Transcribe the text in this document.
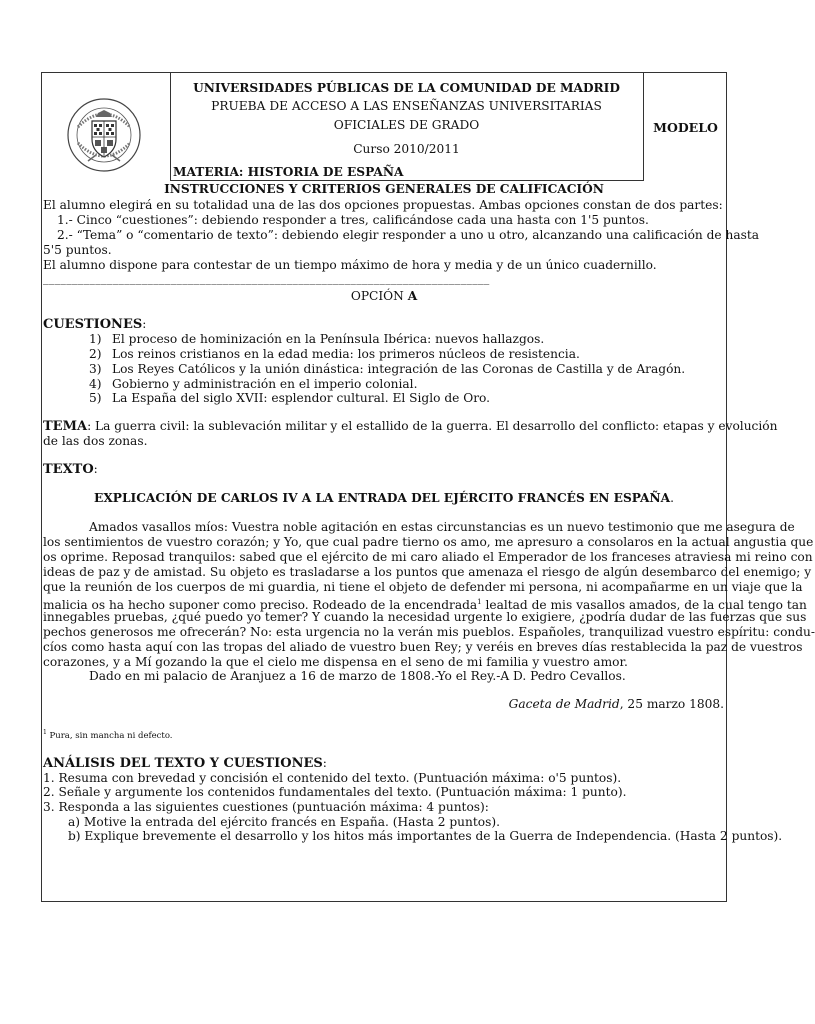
UNIVERSIDADES PÚBLICAS DE LA COMUNIDAD DE MADRID
PRUEBA DE ACCESO A LAS ENSEÑANZAS UNIVERSITARIAS
OFICIALES DE GRADO
Curso 2010/2011
MATERIA: HISTORIA DE ESPAÑA
MODELO
INSTRUCCIONES Y CRITERIOS GENERALES DE CALIFICACIÓN
El alumno elegirá en su totalidad una de las dos opciones propuestas. Ambas opciones constan de dos partes:
1.- Cinco “cuestiones”: debiendo responder a tres, calificándose cada una hasta con 1'5 puntos.
2.- “Tema” o “comentario de texto”: debiendo elegir responder a uno u otro, alcanzando una calificación de hasta
5'5 puntos.
El alumno dispone para contestar de un tiempo máximo de hora y media y de un único cuadernillo.
_____________________________________________________________________________
OPCIÓN A
CUESTIONES:
1) El proceso de hominización en la Península Ibérica: nuevos hallazgos.
2) Los reinos cristianos en la edad media: los primeros núcleos de resistencia.
3) Los Reyes Católicos y la unión dinástica: integración de las Coronas de Castilla y de Aragón.
4) Gobierno y administración en el imperio colonial.
5) La España del siglo XVII: esplendor cultural. El Siglo de Oro.
TEMA: La guerra civil: la sublevación militar y el estallido de la guerra. El desarrollo del conflicto: etapas y evolución
de las dos zonas.
TEXTO:
EXPLICACIÓN DE CARLOS IV A LA ENTRADA DEL EJÉRCITO FRANCÉS EN ESPAÑA.
Amados vasallos míos: Vuestra noble agitación en estas circunstancias es un nuevo testimonio que me asegura de
los sentimientos de vuestro corazón; y Yo, que cual padre tierno os amo, me apresuro a consolaros en la actual angustia que
os oprime. Reposad tranquilos: sabed que el ejército de mi caro aliado el Emperador de los franceses atraviesa mi reino con
ideas de paz y de amistad. Su objeto es trasladarse a los puntos que amenaza el riesgo de algún desembarco del enemigo; y
que la reunión de los cuerpos de mi guardia, ni tiene el objeto de defender mi persona, ni acompañarme en un viaje que la
malicia os ha hecho suponer como preciso. Rodeado de la encendrada$^1$ lealtad de mis vasallos amados, de la cual tengo tan
innegables pruebas, ¿qué puedo yo temer? Y cuando la necesidad urgente lo exigiere, ¿podría dudar de las fuerzas que sus
pechos generosos me ofrecerán? No: esta urgencia no la verán mis pueblos. Españoles, tranquilizad vuestro espíritu: condu-
cíos como hasta aquí con las tropas del aliado de vuestro buen Rey; y veréis en breves días restablecida la paz de vuestros
corazones, y a Mí gozando la que el cielo me dispensa en el seno de mi familia y vuestro amor.
Dado en mi palacio de Aranjuez a 16 de marzo de 1808.-Yo el Rey.-A D. Pedro Cevallos.
Gaceta de Madrid, 25 marzo 1808.
$^1$ Pura, sin mancha ni defecto.
ANÁLISIS DEL TEXTO Y CUESTIONES:
1. Resuma con brevedad y concisión el contenido del texto. (Puntuación máxima: o'5 puntos).
2. Señale y argumente los contenidos fundamentales del texto. (Puntuación máxima: 1 punto).
3. Responda a las siguientes cuestiones (puntuación máxima: 4 puntos):
a) Motive la entrada del ejército francés en España. (Hasta 2 puntos).
b) Explique brevemente el desarrollo y los hitos más importantes de la Guerra de Independencia. (Hasta 2 puntos).
